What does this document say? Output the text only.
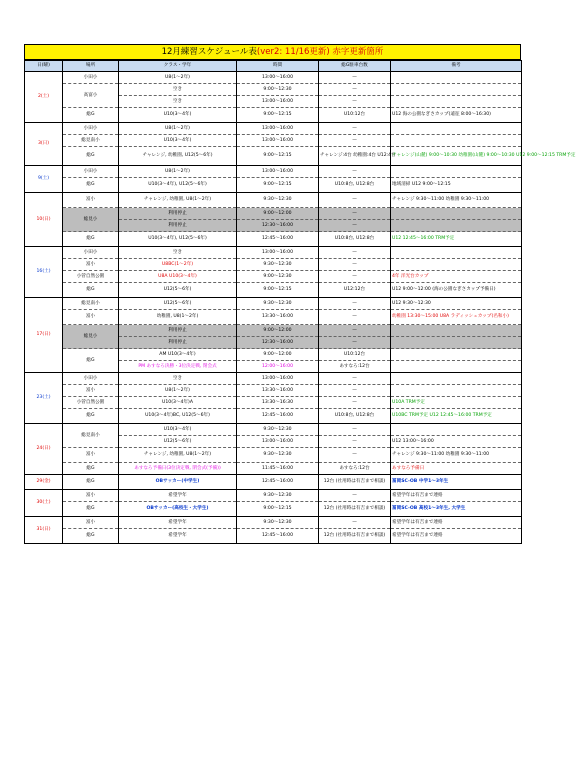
12月練習スケジュール表(ver2: 11/16更新) 赤字更新箇所
日(曜)	場所	クラス・学年	時間	総G駐車台数	備考
2(土)	小田小	U8(1〜2年)	13:00〜16:00	—	
	高富小	空き	9:00〜12:30	—	
		空き	13:00〜16:00	—	
	総G	U10(3〜4年)	9:00〜12:15	U10:12台	U12 海の公園なぎさカップ(遠征 8:00〜16:30)
3(日)	小田小	U8(1〜2年)	13:00〜16:00	—	
	総見南小	U10(3〜4年)	13:00〜16:00	—	
	総G	チャレンジ, 幼稚園, U12(5〜6年)	9:00〜12:15	チャレンジ:4台 幼稚園:4台 U12:4台	チャレンジ(山麓) 9:00〜10:30 幼稚園(山麓) 9:00〜10:30 U12 9:00〜12:15 TRM予定
9(土)	小田小	U8(1〜2年)	13:00〜16:00	—	
	総G	U10(3〜4年), U12(5〜6年)	9:00〜12:15	U10:8台, U12:8台	地域清掃 U12 9:00〜12:15
10(日)	富小	チャレンジ, 幼稚園, U8(1〜2年)	9:30〜12:30	—	チャレンジ 9:30〜11:00 幼稚園 9:30〜11:00
	総見小	利用停止	9:00〜12:00	—	
		利用停止	12:30〜16:00	—	
	総G	U10(3〜4年), U12(5〜6年)	12:45〜16:00	U10:8台, U12:8台	U12 12:45〜16:00 TRM予定
16(土)	小田小	空き	13:00〜16:00	—	
	富小	U8BC(1〜2年)	9:30〜12:30	—	
	小菅自然公園	U8A U10(3〜4年)	9:00〜12:30	—	4年 洋光台カップ
	総G	U12(5〜6年)	9:00〜12:15	U12:12台	U12 9:00〜12:00 (海の公園なぎさカップ予備日)
17(日)	総見南小	U12(5〜6年)	9:30〜12:30	—	U12 9:30〜12:30
	富小	幼稚園, U8(1〜2年)	13:30〜16:00	—	幼稚園 13:30〜15:00 U8A ラディッシュカップ(名和小)
	総見小	利用停止	9:00〜12:00	—	
		利用停止	12:30〜16:00	—	
	総G	AM U10(3〜4年)	9:00〜12:00	U10:12台	
		PM あすなろ決勝・3位決定戦, 閉会式	12:00〜16:00	あすなろ:12台	
23(土)	小田小	空き	13:00〜16:00	—	
	富小	U8(1〜2年)	13:30〜16:00	—	
	小菅自然公園	U10(3〜4年)A	13:30〜16:30	—	U10A TRM予定
	総G	U10(3〜4年)BC, U12(5〜6年)	12:45〜16:00	U10:8台, U12:8台	U10BC TRM予定 U12 12:45〜16:00 TRM予定
24(日)	総見南小	U10(3〜4年)	9:30〜12:30	—	
		U12(5〜6年)	13:00〜16:00	—	U12 13:00〜16:00
	富小	チャレンジ, 幼稚園, U8(1〜2年)	9:30〜12:30	—	チャレンジ 9:30〜11:00 幼稚園 9:30〜11:00
	総G	あすなろ予備日(3位決定戦, 閉会式(予備))	11:45〜16:00	あすなろ:12台	あすなろ予備日
29(金)	総G	OBサッカー(中学生)	12:45〜16:00	12台 (社用時は有吉まで相談)	冨岡SC-OB 中学1〜3年生
30(土)	富小	希望学年	9:30〜12:30	—	希望学年は有吉まで連絡
	総G	OBサッカー(高校生・大学生)	9:00〜12:15	12台 (社用時は有吉まで相談)	冨岡SC-OB 高校1〜3年生, 大学生
31(日)	富小	希望学年	9:30〜12:30	—	希望学年は有吉まで連絡
	総G	希望学年	12:45〜16:00	12台 (社用時は有吉まで相談)	希望学年は有吉まで連絡
